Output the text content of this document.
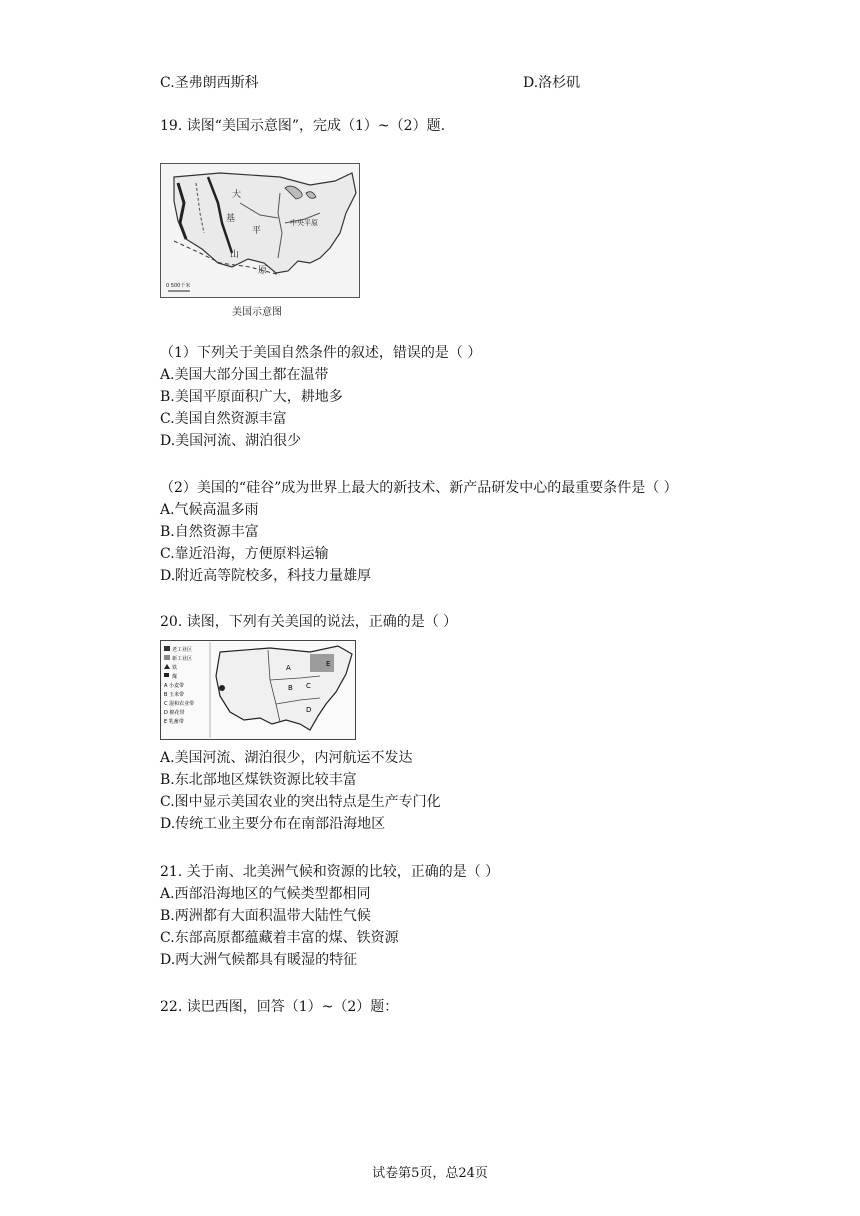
C.圣弗朗西斯科	D.洛杉矶
19. 读图“美国示意图”，完成（1）~（2）题.
大
基
平
山
原
中央平原
0 500千米
美国示意图
（1）下列关于美国自然条件的叙述，错误的是（ ）
A.美国大部分国土都在温带
B.美国平原面积广大，耕地多
C.美国自然资源丰富
D.美国河流、湖泊很少
（2）美国的“硅谷”成为世界上最大的新技术、新产品研发中心的最重要条件是（ ）
A.气候高温多雨
B.自然资源丰富
C.靠近沿海，方便原料运输
D.附近高等院校多，科技力量雄厚
20. 读图，下列有关美国的说法，正确的是（ ）
老工业区
新工业区
铁
煤
A 小麦带
B 玉米带
C 混和农业带
D 棉花带
E 乳畜带
A
B C
D
E
A.美国河流、湖泊很少，内河航运不发达
B.东北部地区煤铁资源比较丰富
C.图中显示美国农业的突出特点是生产专门化
D.传统工业主要分布在南部沿海地区
21. 关于南、北美洲气候和资源的比较，正确的是（ ）
A.西部沿海地区的气候类型都相同
B.两洲都有大面积温带大陆性气候
C.东部高原都蕴藏着丰富的煤、铁资源
D.两大洲气候都具有暖湿的特征
22. 读巴西图，回答（1）~（2）题：
试卷第5页，总24页
